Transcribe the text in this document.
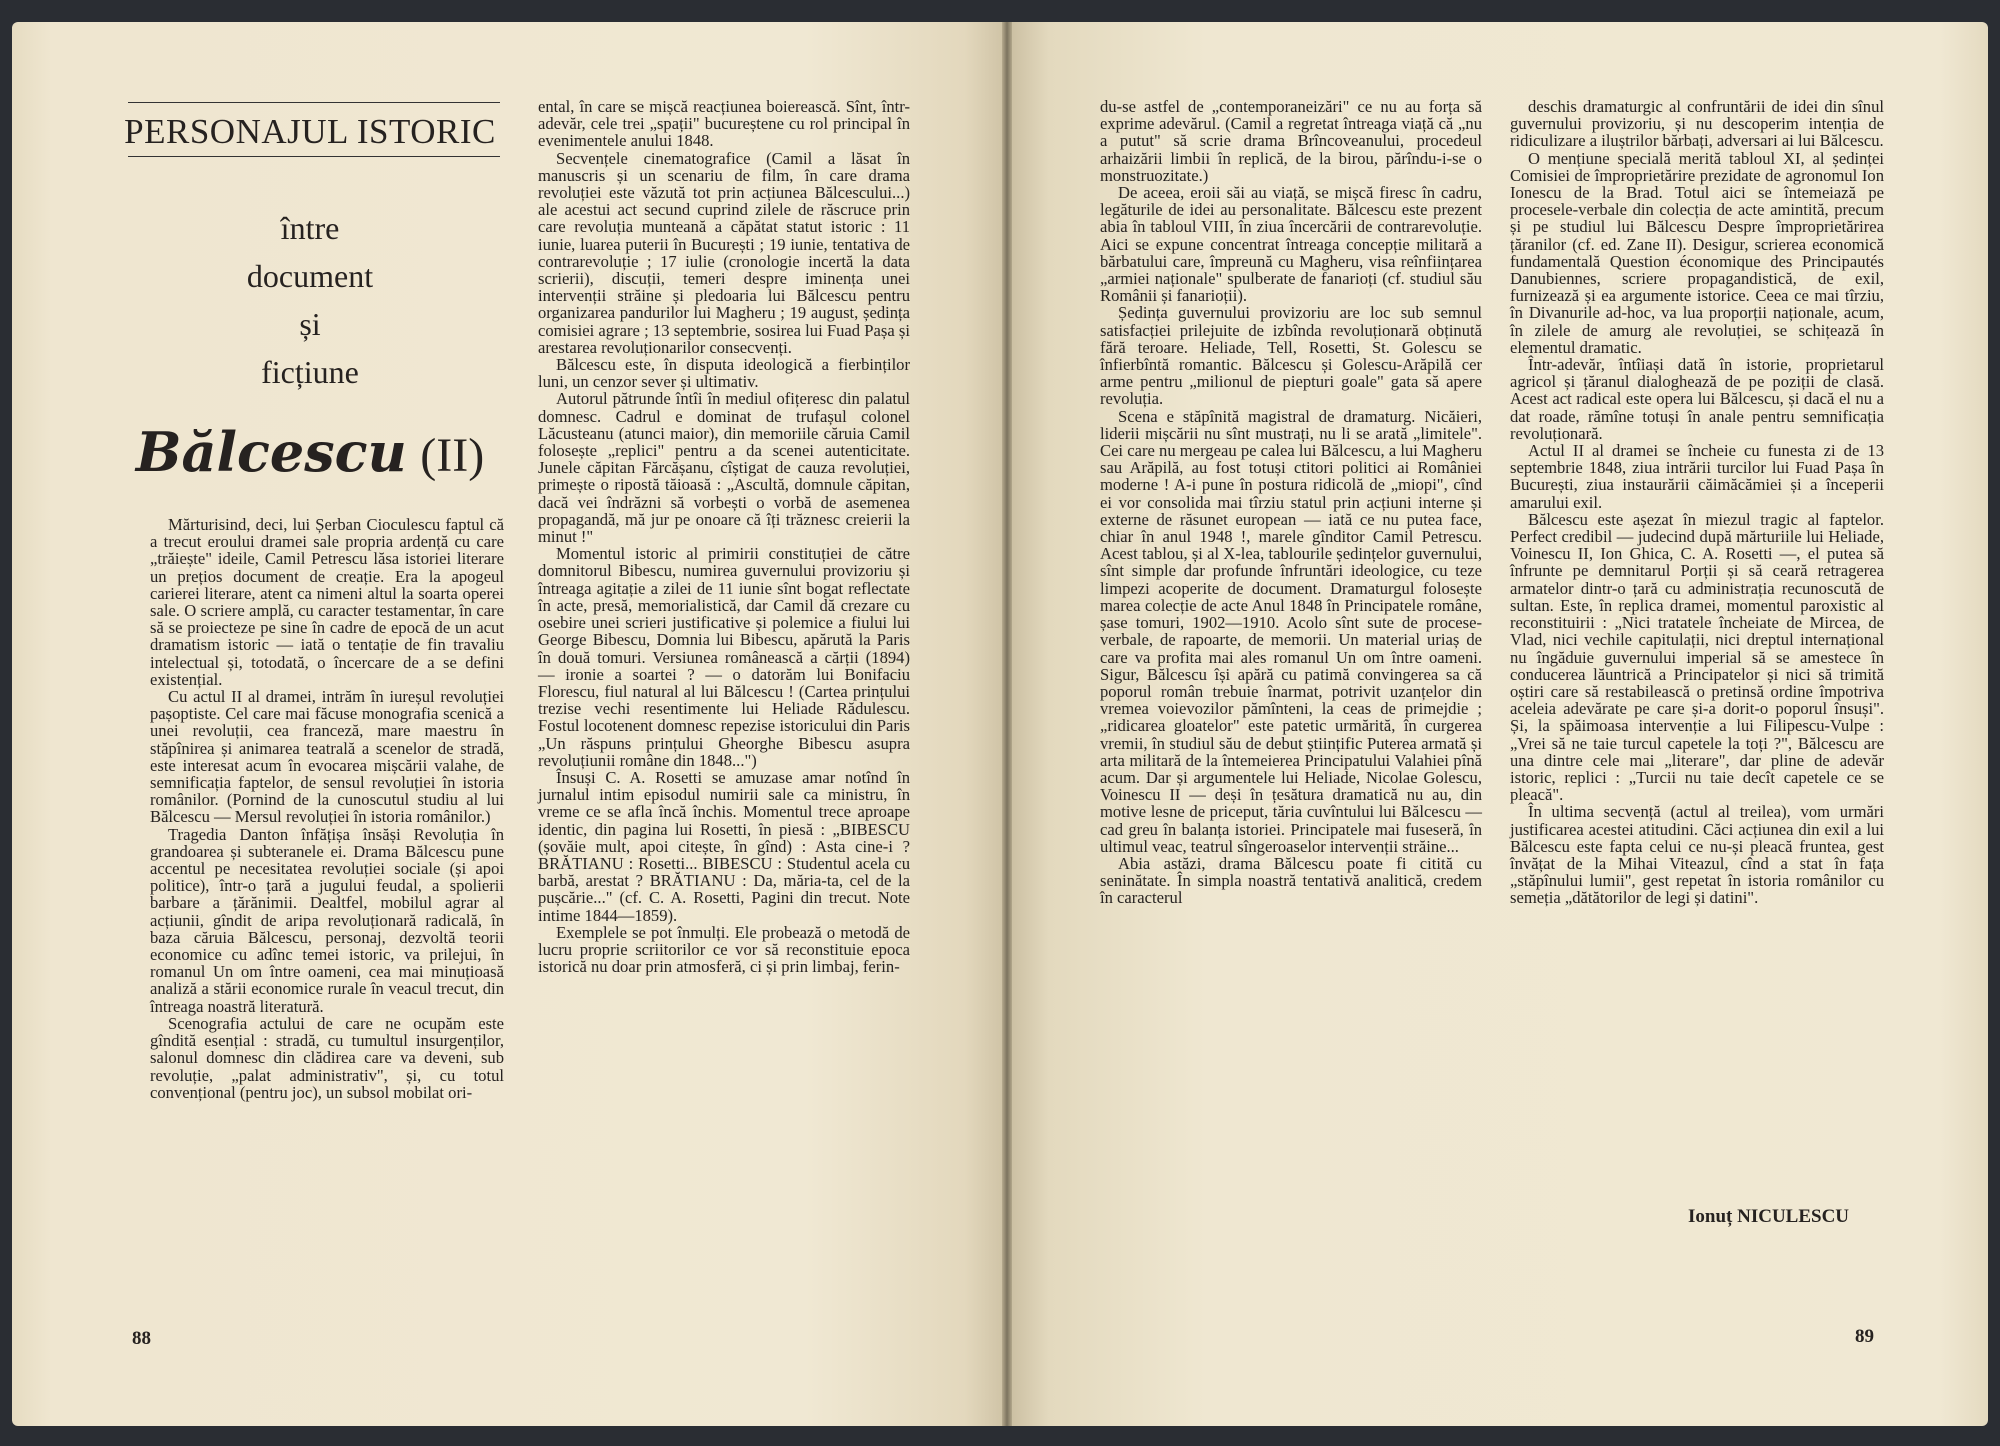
PERSONAJUL ISTORIC
între
document
și
ficțiune
Bălcescu (II)

Mărturisind, deci, lui Șerban Cioculescu faptul că a trecut eroului dramei sale propria ardență cu care „trăiește" ideile, Camil Petrescu lăsa istoriei literare un prețios document de creație. Era la apogeul carierei literare, atent ca nimeni altul la soarta operei sale. O scriere amplă, cu caracter testamentar, în care să se proiecteze pe sine în cadre de epocă de un acut dramatism istoric — iată o tentație de fin travaliu intelectual și, totodată, o încercare de a se defini existențial.

Cu actul II al dramei, intrăm în iureșul revoluției pașoptiste. Cel care mai făcuse monografia scenică a unei revoluții, cea franceză, mare maestru în stăpînirea și animarea teatrală a scenelor de stradă, este interesat acum în evocarea mișcării valahe, de semnificația faptelor, de sensul revoluției în istoria românilor. (Pornind de la cunoscutul studiu al lui Bălcescu — Mersul revoluției în istoria românilor.)

Tragedia Danton înfățișa însăși Revoluția în grandoarea și subteranele ei. Drama Bălcescu pune accentul pe necesitatea revoluției sociale (și apoi politice), într-o țară a jugului feudal, a spolierii barbare a țărănimii. Dealtfel, mobilul agrar al acțiunii, gîndit de aripa revoluționară radicală, în baza căruia Bălcescu, personaj, dezvoltă teorii economice cu adînc temei istoric, va prilejui, în romanul Un om între oameni, cea mai minuțioasă analiză a stării economice rurale în veacul trecut, din întreaga noastră literatură.

Scenografia actului de care ne ocupăm este gîndită esențial : stradă, cu tumultul insurgenților, salonul domnesc din clădirea care va deveni, sub revoluție, „palat administrativ", și, cu totul convențional (pentru joc), un subsol mobilat ori-

ental, în care se mișcă reacțiunea boierească. Sînt, într-adevăr, cele trei „spații" bucureștene cu rol principal în evenimentele anului 1848.

Secvențele cinematografice (Camil a lăsat în manuscris și un scenariu de film, în care drama revoluției este văzută tot prin acțiunea Bălcescului...) ale acestui act secund cuprind zilele de răscruce prin care revoluția munteană a căpătat statut istoric : 11 iunie, luarea puterii în București ; 19 iunie, tentativa de contrarevoluție ; 17 iulie (cronologie incertă la data scrierii), discuții, temeri despre iminența unei intervenții străine și pledoaria lui Bălcescu pentru organizarea pandurilor lui Magheru ; 19 august, ședința comisiei agrare ; 13 septembrie, sosirea lui Fuad Pașa și arestarea revoluționarilor consecvenți.

Bălcescu este, în disputa ideologică a fierbinților luni, un cenzor sever și ultimativ.

Autorul pătrunde întîi în mediul ofițeresc din palatul domnesc. Cadrul e dominat de trufașul colonel Lăcusteanu (atunci maior), din memoriile căruia Camil folosește „replici" pentru a da scenei autenticitate. Junele căpitan Fărcășanu, cîștigat de cauza revoluției, primește o ripostă tăioasă : „Ascultă, domnule căpitan, dacă vei îndrăzni să vorbești o vorbă de asemenea propagandă, mă jur pe onoare că îți trăznesc creierii la minut !"

Momentul istoric al primirii constituției de către domnitorul Bibescu, numirea guvernului provizoriu și întreaga agitație a zilei de 11 iunie sînt bogat reflectate în acte, presă, memorialistică, dar Camil dă crezare cu osebire unei scrieri justificative și polemice a fiului lui George Bibescu, Domnia lui Bibescu, apărută la Paris în două tomuri. Versiunea românească a cărții (1894) — ironie a soartei ? — o datorăm lui Bonifaciu Florescu, fiul natural al lui Bălcescu ! (Cartea prințului trezise vechi resentimente lui Heliade Rădulescu. Fostul locotenent domnesc repezise istoricului din Paris „Un răspuns prințului Gheorghe Bibescu asupra revoluțiunii române din 1848...")

Însuși C. A. Rosetti se amuzase amar notînd în jurnalul intim episodul numirii sale ca ministru, în vreme ce se afla încă închis. Momentul trece aproape identic, din pagina lui Rosetti, în piesă : „BIBESCU (șovăie mult, apoi citește, în gînd) : Asta cine-i ? BRĂTIANU : Rosetti... BIBESCU : Studentul acela cu barbă, arestat ? BRĂTIANU : Da, măria-ta, cel de la pușcărie..." (cf. C. A. Rosetti, Pagini din trecut. Note intime 1844—1859).

Exemplele se pot înmulți. Ele probează o metodă de lucru proprie scriitorilor ce vor să reconstituie epoca istorică nu doar prin atmosferă, ci și prin limbaj, ferin-

88

du-se astfel de „contemporaneizări" ce nu au forța să exprime adevărul. (Camil a regretat întreaga viață că „nu a putut" să scrie drama Brîncoveanului, procedeul arhaizării limbii în replică, de la birou, părîndu-i-se o monstruozitate.)

De aceea, eroii săi au viață, se mișcă firesc în cadru, legăturile de idei au personalitate. Bălcescu este prezent abia în tabloul VIII, în ziua încercării de contrarevoluție. Aici se expune concentrat întreaga concepție militară a bărbatului care, împreună cu Magheru, visa reînființarea „armiei naționale" spulberate de fanarioți (cf. studiul său Românii și fanarioții).

Ședința guvernului provizoriu are loc sub semnul satisfacției prilejuite de izbînda revoluționară obținută fără teroare. Heliade, Tell, Rosetti, St. Golescu se înfierbîntă romantic. Bălcescu și Golescu-Arăpilă cer arme pentru „milionul de piepturi goale" gata să apere revoluția.

Scena e stăpînită magistral de dramaturg. Nicăieri, liderii mișcării nu sînt mustrați, nu li se arată „limitele". Cei care nu mergeau pe calea lui Bălcescu, a lui Magheru sau Arăpilă, au fost totuși ctitori politici ai României moderne ! A-i pune în postura ridicolă de „miopi", cînd ei vor consolida mai tîrziu statul prin acțiuni interne și externe de răsunet european — iată ce nu putea face, chiar în anul 1948 !, marele gînditor Camil Petrescu. Acest tablou, și al X-lea, tablourile ședințelor guvernului, sînt simple dar profunde înfruntări ideologice, cu teze limpezi acoperite de document. Dramaturgul folosește marea colecție de acte Anul 1848 în Principatele române, șase tomuri, 1902—1910. Acolo sînt sute de procese-verbale, de rapoarte, de memorii. Un material uriaș de care va profita mai ales romanul Un om între oameni. Sigur, Bălcescu își apără cu patimă convingerea sa că poporul român trebuie înarmat, potrivit uzanțelor din vremea voievozilor pămînteni, la ceas de primejdie ; „ridicarea gloatelor" este patetic urmărită, în curgerea vremii, în studiul său de debut științific Puterea armată și arta militară de la întemeierea Principatului Valahiei pînă acum. Dar și argumentele lui Heliade, Nicolae Golescu, Voinescu II — deși în țesătura dramatică nu au, din motive lesne de priceput, tăria cuvîntului lui Bălcescu — cad greu în balanța istoriei. Principatele mai fuseseră, în ultimul veac, teatrul sîngeroaselor intervenții străine...

Abia astăzi, drama Bălcescu poate fi citită cu seninătate. În simpla noastră tentativă analitică, credem în caracterul

deschis dramaturgic al confruntării de idei din sînul guvernului provizoriu, și nu descoperim intenția de ridiculizare a iluștrilor bărbați, adversari ai lui Bălcescu.

O mențiune specială merită tabloul XI, al ședinței Comisiei de împroprietărire prezidate de agronomul Ion Ionescu de la Brad. Totul aici se întemeiază pe procesele-verbale din colecția de acte amintită, precum și pe studiul lui Bălcescu Despre împroprietărirea țăranilor (cf. ed. Zane II). Desigur, scrierea economică fundamentală Question économique des Principautés Danubiennes, scriere propagandistică, de exil, furnizează și ea argumente istorice. Ceea ce mai tîrziu, în Divanurile ad-hoc, va lua proporții naționale, acum, în zilele de amurg ale revoluției, se schițează în elementul dramatic.

Într-adevăr, întîiași dată în istorie, proprietarul agricol și țăranul dialoghează de pe poziții de clasă. Acest act radical este opera lui Bălcescu, și dacă el nu a dat roade, rămîne totuși în anale pentru semnificația revoluționară.

Actul II al dramei se încheie cu funesta zi de 13 septembrie 1848, ziua intrării turcilor lui Fuad Pașa în București, ziua instaurării căimăcămiei și a începerii amarului exil.

Bălcescu este așezat în miezul tragic al faptelor. Perfect credibil — judecind după mărturiile lui Heliade, Voinescu II, Ion Ghica, C. A. Rosetti —, el putea să înfrunte pe demnitarul Porții și să ceară retragerea armatelor dintr-o țară cu administrația recunoscută de sultan. Este, în replica dramei, momentul paroxistic al reconstituirii : „Nici tratatele încheiate de Mircea, de Vlad, nici vechile capitulații, nici dreptul internațional nu îngăduie guvernului imperial să se amestece în conducerea lăuntrică a Principatelor și nici să trimită oștiri care să restabilească o pretinsă ordine împotriva aceleia adevărate pe care și-a dorit-o poporul însuși". Și, la spăimoasa intervenție a lui Filipescu-Vulpe : „Vrei să ne taie turcul capetele la toți ?", Bălcescu are una dintre cele mai „literare", dar pline de adevăr istoric, replici : „Turcii nu taie decît capetele ce se pleacă".

În ultima secvență (actul al treilea), vom urmări justificarea acestei atitudini. Căci acțiunea din exil a lui Bălcescu este fapta celui ce nu-și pleacă fruntea, gest învățat de la Mihai Viteazul, cînd a stat în fața „stăpînului lumii", gest repetat în istoria românilor cu semeția „dătătorilor de legi și datini".

Ionuț NICULESCU
89
